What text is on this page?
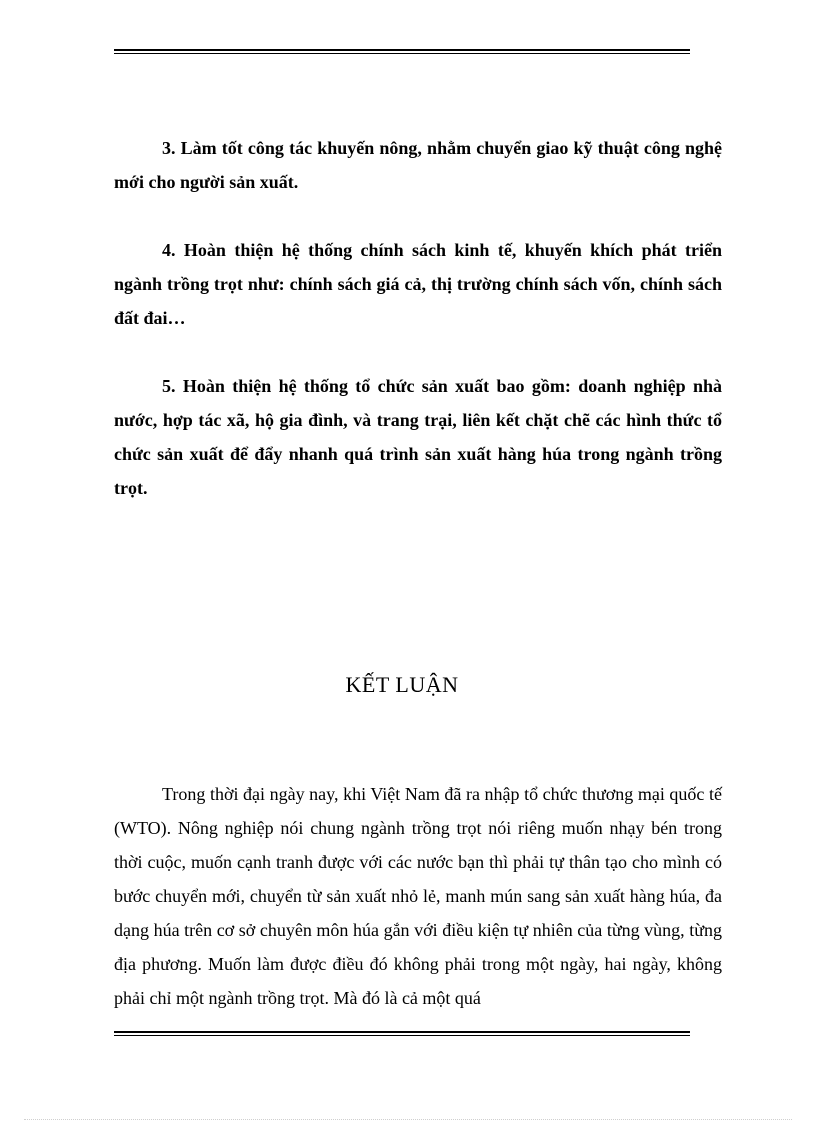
3. Làm tốt công tác khuyến nông, nhằm chuyển giao kỹ thuật công nghệ mới cho người sản xuất.

4. Hoàn thiện hệ thống chính sách kinh tế, khuyến khích phát triển ngành trồng trọt như: chính sách giá cả, thị trường chính sách vốn, chính sách đất đai…

5. Hoàn thiện hệ thống tổ chức sản xuất bao gồm: doanh nghiệp nhà nước, hợp tác xã, hộ gia đình, và trang trại, liên kết chặt chẽ các hình thức tổ chức sản xuất để đẩy nhanh quá trình sản xuất hàng húa trong ngành trồng trọt.

KẾT LUẬN

Trong thời đại ngày nay, khi Việt Nam đã ra nhập tổ chức thương mại quốc tế (WTO). Nông nghiệp nói chung ngành trồng trọt nói riêng muốn nhạy bén trong thời cuộc, muốn cạnh tranh được với các nước bạn thì phải tự thân tạo cho mình có bước chuyển mới, chuyển từ sản xuất nhỏ lẻ, manh mún sang sản xuất hàng húa, đa dạng húa trên cơ sở chuyên môn húa gắn với điều kiện tự nhiên của từng vùng, từng địa phương. Muốn làm được điều đó không phải trong một ngày, hai ngày, không phải chỉ một ngành trồng trọt. Mà đó là cả một quá
